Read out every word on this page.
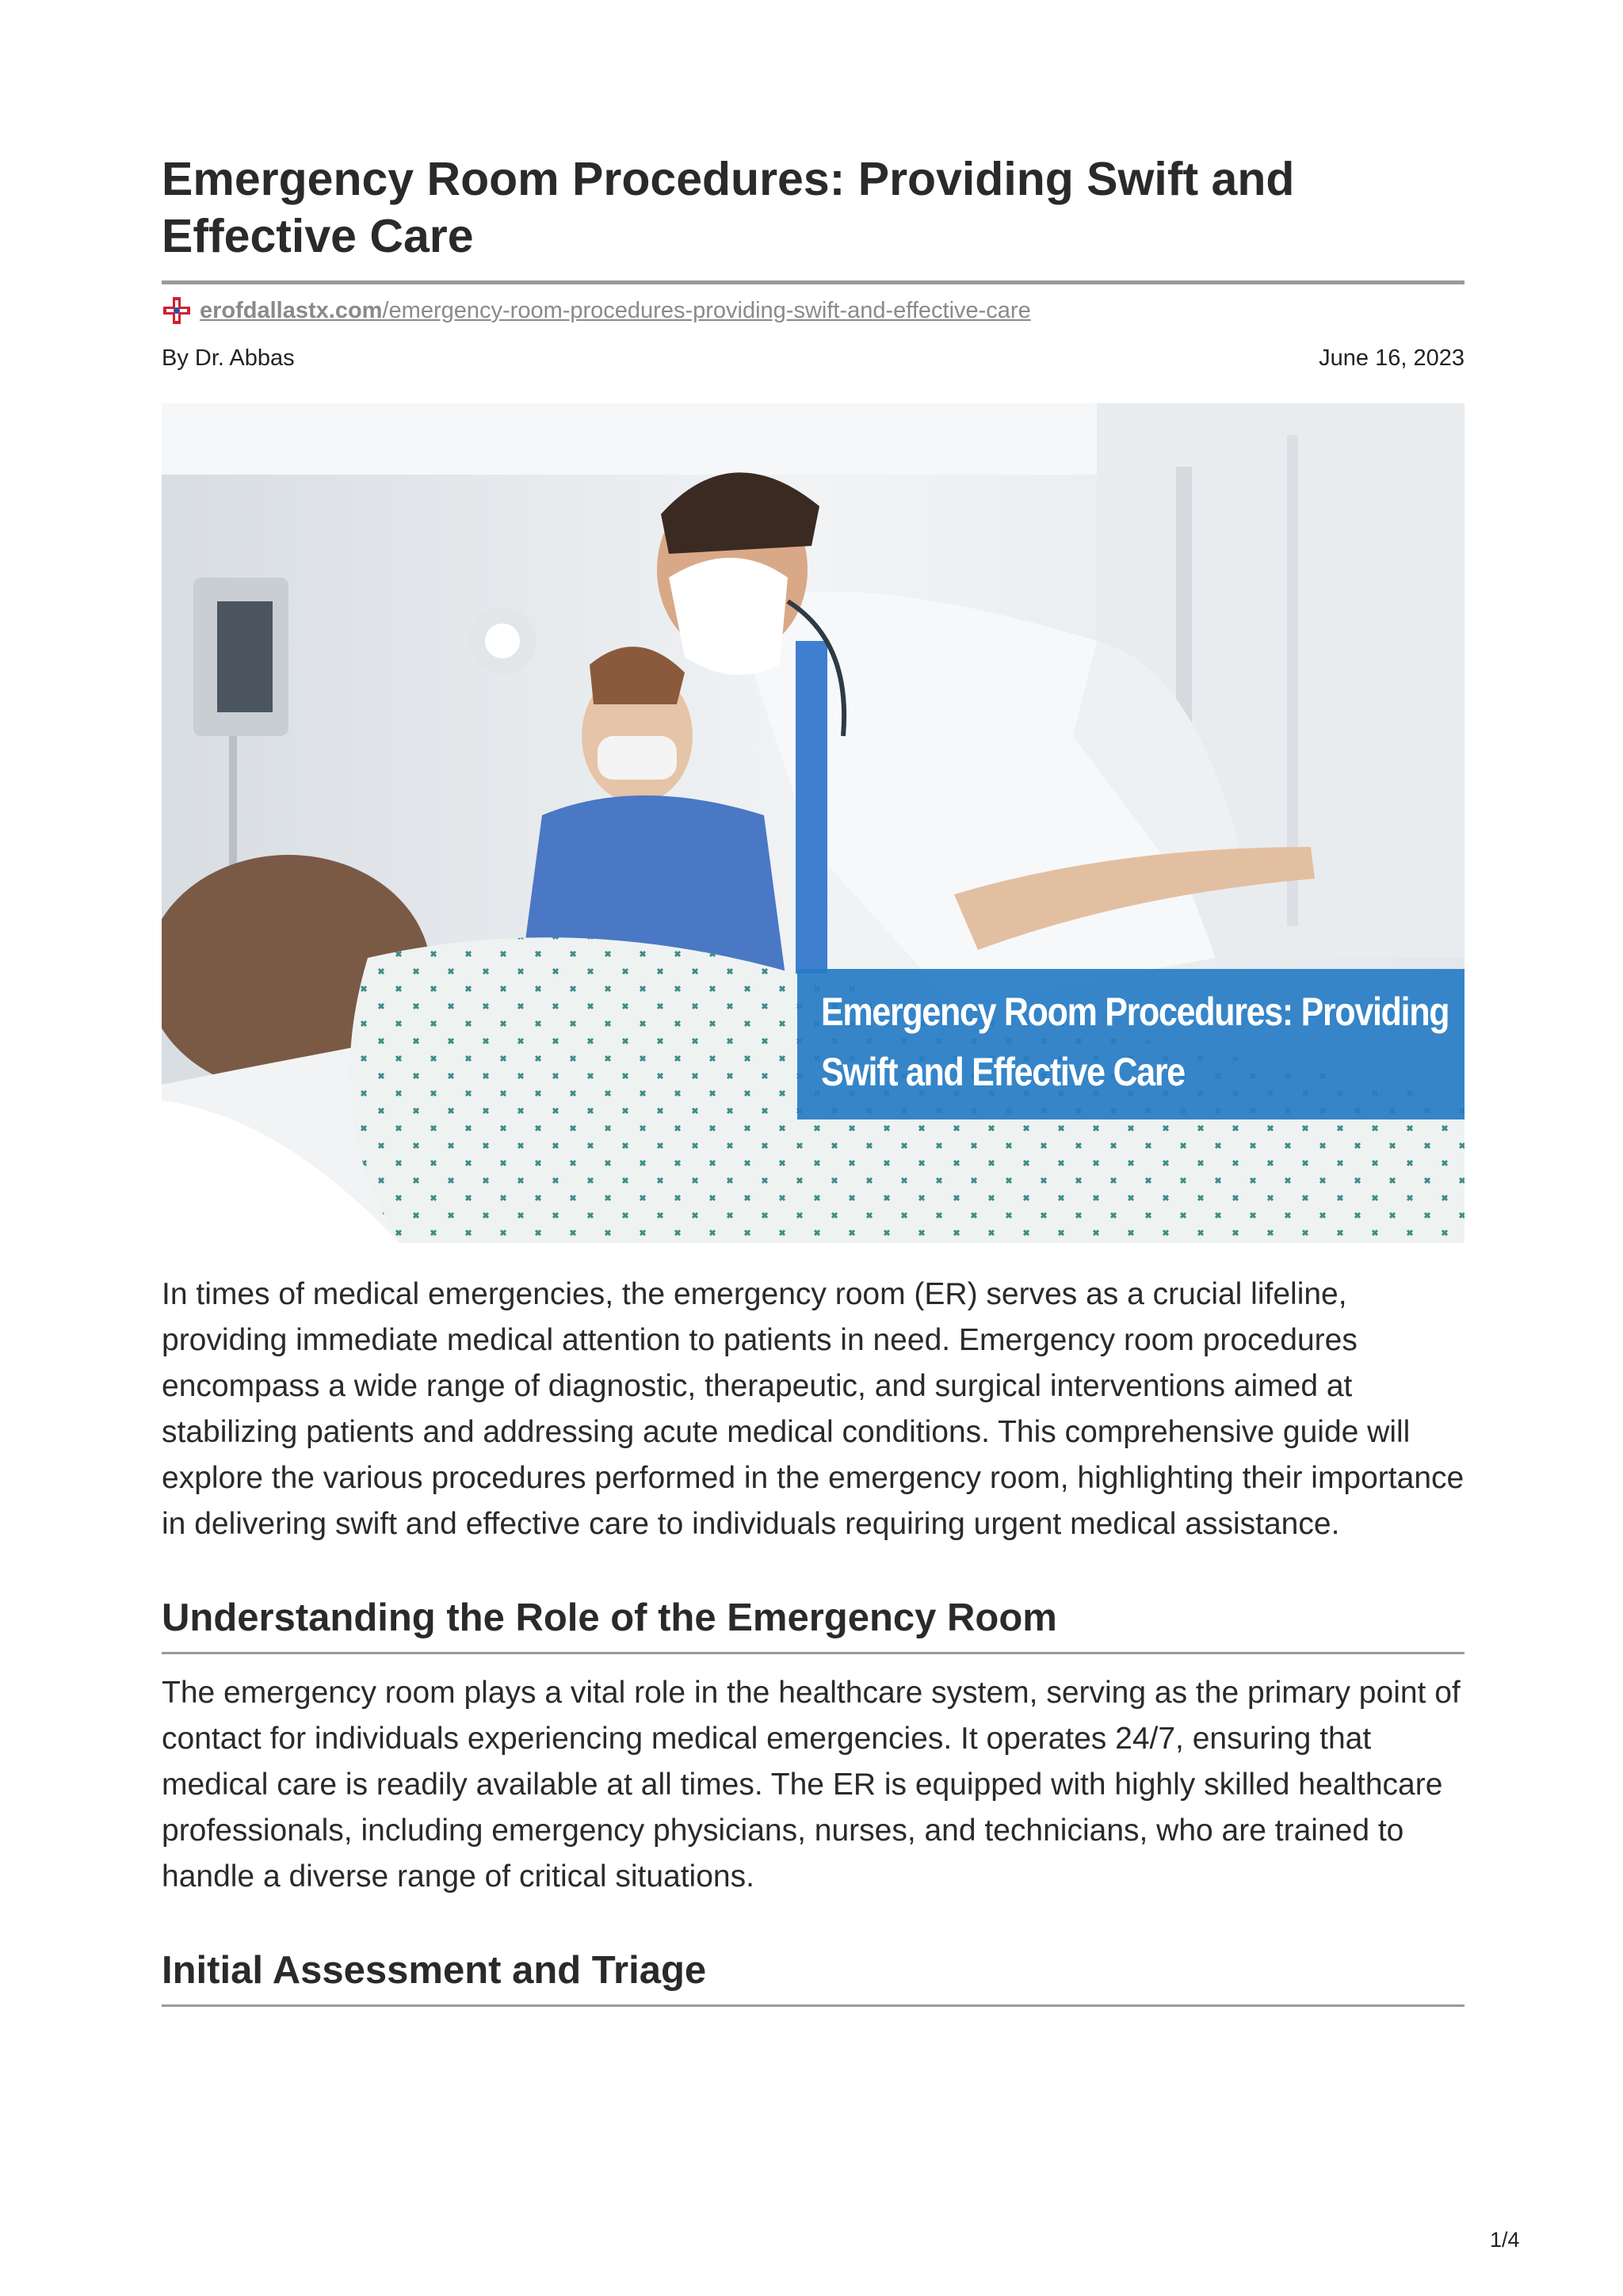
Emergency Room Procedures: Providing Swift and Effective Care
erofdallastx.com /emergency-room-procedures-providing-swift-and-effective-care
By Dr. Abbas	June 16, 2023
Emergency Room Procedures: Providing
Swift and Effective Care

In times of medical emergencies, the emergency room (ER) serves as a crucial lifeline, providing immediate medical attention to patients in need. Emergency room procedures encompass a wide range of diagnostic, therapeutic, and surgical interventions aimed at stabilizing patients and addressing acute medical conditions. This comprehensive guide will explore the various procedures performed in the emergency room, highlighting their importance in delivering swift and effective care to individuals requiring urgent medical assistance.

Understanding the Role of the Emergency Room

The emergency room plays a vital role in the healthcare system, serving as the primary point of contact for individuals experiencing medical emergencies. It operates 24/7, ensuring that medical care is readily available at all times. The ER is equipped with highly skilled healthcare professionals, including emergency physicians, nurses, and technicians, who are trained to handle a diverse range of critical situations.

Initial Assessment and Triage
1/4
